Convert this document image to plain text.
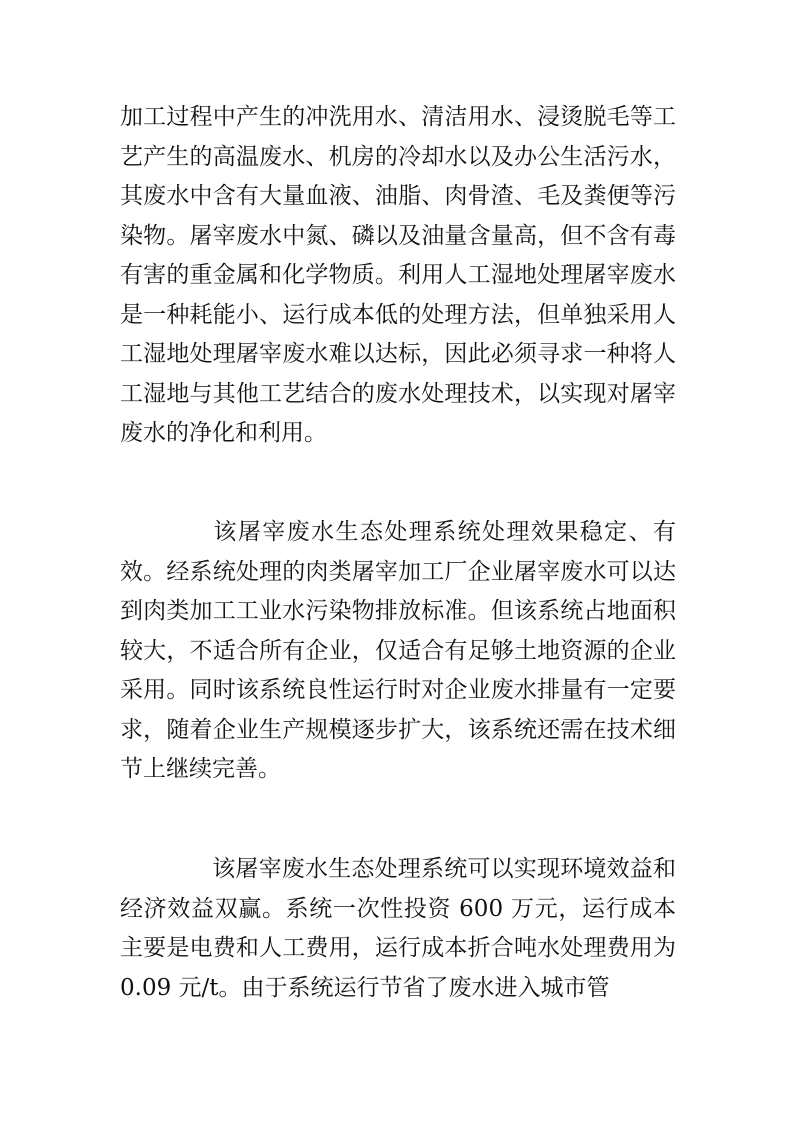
加工过程中产生的冲洗用水、清洁用水、浸烫脱毛等工艺产生的高温废水、机房的冷却水以及办公生活污水，其废水中含有大量血液、油脂、肉骨渣、毛及粪便等污染物。屠宰废水中氮、磷以及油量含量高，但不含有毒有害的重金属和化学物质。利用人工湿地处理屠宰废水是一种耗能小、运行成本低的处理方法，但单独采用人工湿地处理屠宰废水难以达标，因此必须寻求一种将人工湿地与其他工艺结合的废水处理技术，以实现对屠宰废水的净化和利用。

该屠宰废水生态处理系统处理效果稳定、有效。经系统处理的肉类屠宰加工厂企业屠宰废水可以达到肉类加工工业水污染物排放标准。但该系统占地面积较大，不适合所有企业，仅适合有足够土地资源的企业采用。同时该系统良性运行时对企业废水排量有一定要求，随着企业生产规模逐步扩大，该系统还需在技术细节上继续完善。

该屠宰废水生态处理系统可以实现环境效益和经济效益双赢。系统一次性投资 600 万元，运行成本主要是电费和人工费用，运行成本折合吨水处理费用为 0.09 元/t。由于系统运行节省了废水进入城市管
